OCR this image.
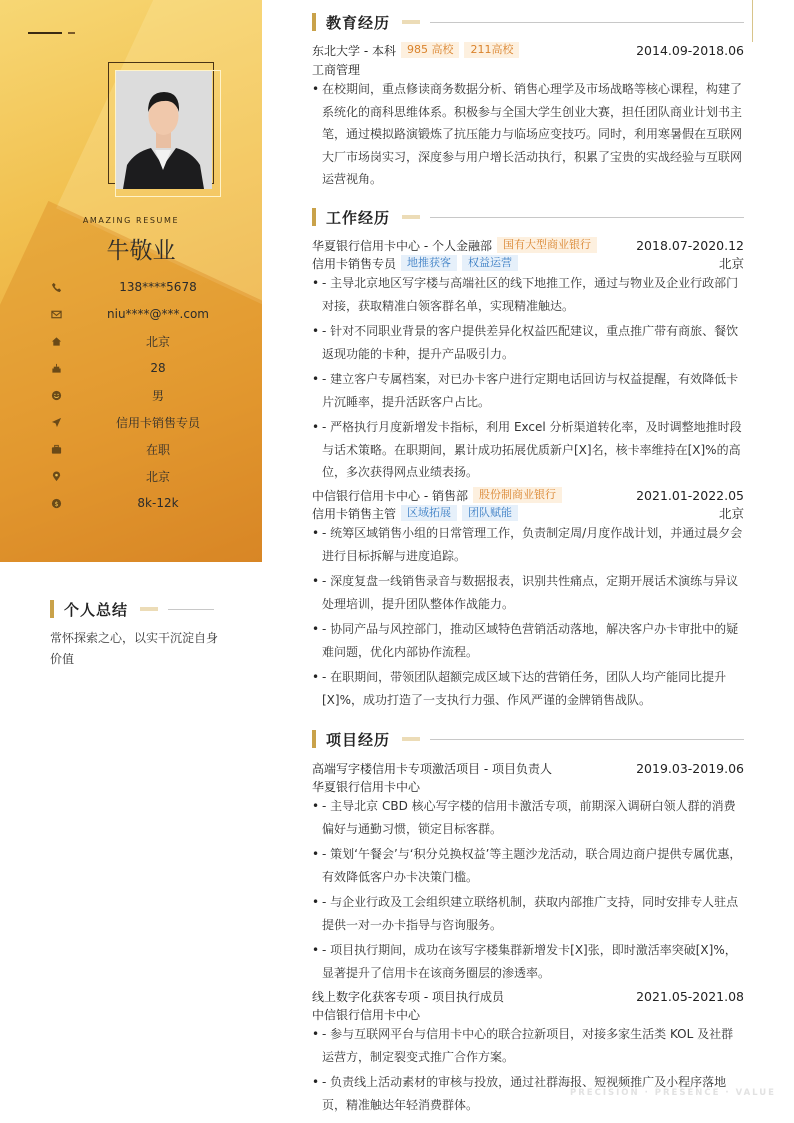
AMAZING RESUME
牛敬业
138****5678
niu****@***.com
北京
28
男
信用卡销售专员
在职
北京
$	8k-12k
个人总结
常怀探索之心，以实干沉淀自身价值
教育经历
东北大学 - 本科	985 高校	211高校	2014.09-2018.06
工商管理
• 在校期间，重点修读商务数据分析、销售心理学及市场战略等核心课程，构建了系统化的商科思维体系。积极参与全国大学生创业大赛，担任团队商业计划书主笔，通过模拟路演锻炼了抗压能力与临场应变技巧。同时，利用寒暑假在互联网大厂市场岗实习，深度参与用户增长活动执行，积累了宝贵的实战经验与互联网运营视角。
工作经历
华夏银行信用卡中心 - 个人金融部	国有大型商业银行	2018.07-2020.12
信用卡销售专员	地推获客	权益运营	北京
• - 主导北京地区写字楼与高端社区的线下地推工作，通过与物业及企业行政部门对接，获取精准白领客群名单，实现精准触达。
• - 针对不同职业背景的客户提供差异化权益匹配建议，重点推广带有商旅、餐饮返现功能的卡种，提升产品吸引力。
• - 建立客户专属档案，对已办卡客户进行定期电话回访与权益提醒，有效降低卡片沉睡率，提升活跃客户占比。
• - 严格执行月度新增发卡指标，利用 Excel 分析渠道转化率，及时调整地推时段与话术策略。在职期间，累计成功拓展优质新户[X]名，核卡率维持在[X]%的高位，多次获得网点业绩表扬。
中信银行信用卡中心 - 销售部	股份制商业银行	2021.01-2022.05
信用卡销售主管	区域拓展	团队赋能	北京
• - 统筹区域销售小组的日常管理工作，负责制定周/月度作战计划，并通过晨夕会进行目标拆解与进度追踪。
• - 深度复盘一线销售录音与数据报表，识别共性痛点，定期开展话术演练与异议处理培训，提升团队整体作战能力。
• - 协同产品与风控部门，推动区域特色营销活动落地，解决客户办卡审批中的疑难问题，优化内部协作流程。
• - 在职期间，带领团队超额完成区域下达的营销任务，团队人均产能同比提升[X]%，成功打造了一支执行力强、作风严谨的金牌销售战队。
项目经历
高端写字楼信用卡专项激活项目 - 项目负责人	2019.03-2019.06
华夏银行信用卡中心
• - 主导北京 CBD 核心写字楼的信用卡激活专项，前期深入调研白领人群的消费偏好与通勤习惯，锁定目标客群。
• - 策划‘午餐会’与‘积分兑换权益’等主题沙龙活动，联合周边商户提供专属优惠，有效降低客户办卡决策门槛。
• - 与企业行政及工会组织建立联络机制，获取内部推广支持，同时安排专人驻点提供一对一办卡指导与咨询服务。
• - 项目执行期间，成功在该写字楼集群新增发卡[X]张，即时激活率突破[X]%，显著提升了信用卡在该商务圈层的渗透率。
线上数字化获客专项 - 项目执行成员	2021.05-2021.08
中信银行信用卡中心
• - 参与互联网平台与信用卡中心的联合拉新项目，对接多家生活类 KOL 及社群运营方，制定裂变式推广合作方案。
• - 负责线上活动素材的审核与投放，通过社群海报、短视频推广及小程序落地页，精准触达年轻消费群体。
PRECISION · PRESENCE · VALUE
